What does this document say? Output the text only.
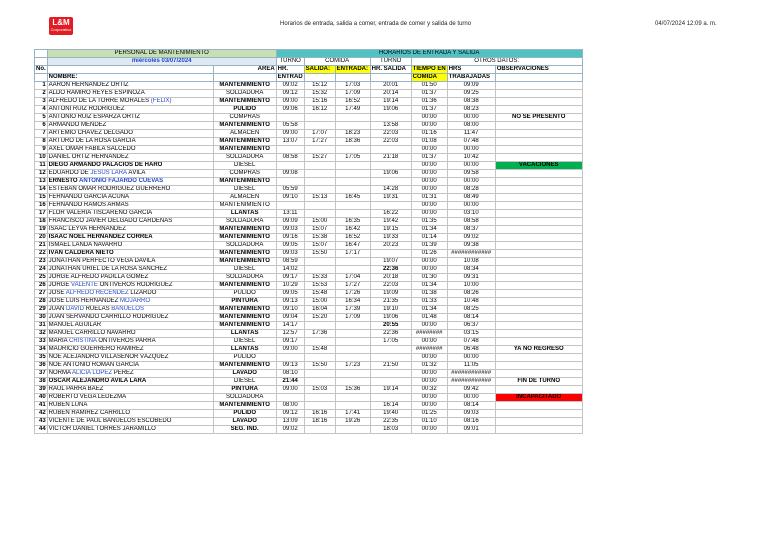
L&M
Corporativo
Horarios de entrada, salida a comer, entrada de comer y salida de turno	04/07/2024 12:09 a. m.
	PERSONAL DE MANTENIMIENTO		HORARIOS DE ENTRADA Y SALIDA						
	miércoles 03/07/2024		TURNO	COMIDA		TURNO	OTROS DATOS:		
No.		AREA	HR.	SALIDA:	ENTRADA:	HR. SALIDA	TIEMPO EN	HRS	OBSERVACIONES
	NOMBRE:		ENTRAD				COMIDA	TRABAJADAS	
1	AARÓN HERNANDEZ ORTIZ	MANTENIMIENTO	09:02	15:12	17:03	20:01	01:50	09:09	
2	ALDO RAMIRO REYES ESPINOZA	SOLDADURA	09:12	15:32	17:09	20:14	01:37	09:25	
3	ALFREDO DE LA TORRE MORALES (FÉLIX)	MANTENIMIENTO	09:00	15:16	16:52	19:14	01:36	08:38	
4	ANTONI RUÍZ RODRIGUEZ	PULIDO	09:06	16:12	17:49	19:06	01:37	08:23	
5	ANTONIO RUIZ ESPARZA ORTIZ	COMPRAS					00:00	00:00	NO SE PRESENTÓ
6	ARMANDO MÉNDEZ	MANTENIMIENTO	05:58			13:58	00:00	08:00	
7	ARTEMIO CHÁVEZ DELGADO	ALMACÉN	09:00	17:07	18:23	22:03	01:16	11:47	
8	ARTURO DE LA ROSA GARCIA	MANTENIMIENTO	13:07	17:27	18:36	22:03	01:08	07:48	
9	AXEL OMAR FABILA SALCEDO	MANTENIMIENTO					00:00	00:00	
10	DANIEL ORTIZ HERNÁNDEZ	SOLDADURA	08:58	15:27	17:05	21:18	01:37	10:42	
11	DIEGO ARMANDO PALACIOS DE HARO	DIÉSEL					00:00	00:00	VACACIONES
12	EDUARDO DE JESÚS LARA ÁVILA	COMPRAS	09:08			19:06	00:00	09:58	
13	ERNESTO ANTONIO FAJARDO CUEVAS	MANTENIMIENTO					00:00	00:00	
14	ESTEBAN OMAR RODRIGUEZ GUERRERO	DIESEL	05:59			14:28	00:00	08:28	
15	FERNANDO GARCIA ACUÑA	ALMACEN	09:10	15:13	16:45	19:31	01:31	08:49	
16	FERNANDO RAMOS ARMAS	MANTENIMIENTO					00:00	00:00	
17	FLOR VALERIA TISCAREÑO GARCÍA	LLANTAS	13:11			16:22	00:00	03:10	
18	FRANCISCO JAVIER DELGADO CÁRDENAS	SOLDADURA	09:09	15:00	16:35	19:42	01:35	08:58	
19	ISAAC LEYVA HERNÁNDEZ	MANTENIMIENTO	09:03	15:07	16:42	19:15	01:34	08:37	
20	ISAAC NOEL HERNÁNDEZ CORREA	MANTENIMIENTO	09:16	15:38	16:52	19:33	01:14	09:02	
21	ISMAEL LANDA NAVARRO	SOLDADURA	09:05	15:07	16:47	20:23	01:39	09:38	
22	IVÁN CALDERA NIETO	MANTENIMIENTO	09:03	15:50	17:17		01:26	############	
23	JONATHAN PERFECTO VEGA DAVILA	MANTENIMIENTO	08:59			19:07	00:00	10:08	
24	JONATHAN URIEL DE LA ROSA SANCHEZ	DIESEL	14:02			22:36	00:00	08:34	
25	JORGE ALFREDO PADILLA GÓMEZ	SOLDADURA	09:17	15:33	17:04	20:18	01:30	09:31	
26	JORGE VALENTE ONTIVEROS RODRIGUEZ	MANTENIMIENTO	10:29	15:53	17:27	22:03	01:34	10:00	
27	JOSÉ ALFREDO RECENDEZ LIZARDO	PULIDO	09:05	15:48	17:26	19:09	01:38	08:26	
28	JOSÉ LUIS HERNÁNDEZ MOJARRO	PINTURA	09:13	15:00	16:34	21:35	01:33	10:48	
29	JUAN DAVID RUELAS BAÑUELOS	MANTENIMIENTO	09:10	16:04	17:39	19:10	01:34	08:25	
30	JUAN SERVANDO CARRILLO RODRÍGUEZ	MANTENIMIENTO	09:04	15:20	17:09	19:06	01:48	08:14	
31	MANUEL AGUILAR	MANTENIMIENTO	14:17			20:55	00:00	06:37	
32	MANUEL CARRILLO NAVARRO	LLANTAS	12:57	17:36		22:36	########	03:15	
33	MARÍA CRISTINA ONTIVEROS PARRA	DIESEL	09:17			17:05	00:00	07:48	
34	MAURICIO GUERRERO RAMÍREZ	LLANTAS	09:00	15:48			########	06:48	YA NO REGRESÓ
35	NOÉ ALEJANDRO VILLASEÑOR VÁZQUEZ	PULIDO					00:00	00:00	
36	NOÉ ANTONIO ROMÁN GARCÍA	MANTENIMIENTO	09:13	15:50	17:23	21:50	01:32	11:05	
37	NORMA ALICIA LÓPEZ PEREZ	LAVADO	08:10				00:00	############	
38	ÓSCAR ALEJANDRO AVILA LARA	DIESEL	21:44				00:00	############	FIN DE TURNO
39	RAÚL PARRA BÁEZ	PINTURA	09:00	15:03	15:36	19:14	00:32	09:42	
40	ROBERTO VEGA LEDEZMA	SOLDADURA					00:00	00:00	INCAPACITADO
41	RUBÉN LUNA	MANTENIMIENTO	08:00			16:14	00:00	08:14	
42	RUBÉN RAMÍREZ CARRILLO	PULIDO	09:12	16:16	17:41	19:40	01:25	09:03	
43	VICENTE DE PAUL BAÑUELOS ESCOBEDO	LAVADO	13:09	18:16	19:26	22:35	01:10	08:16	
44	VÍCTOR DANIEL TORRES JARAMILLO	SEG. IND.	09:02			18:03	00:00	09:01	
